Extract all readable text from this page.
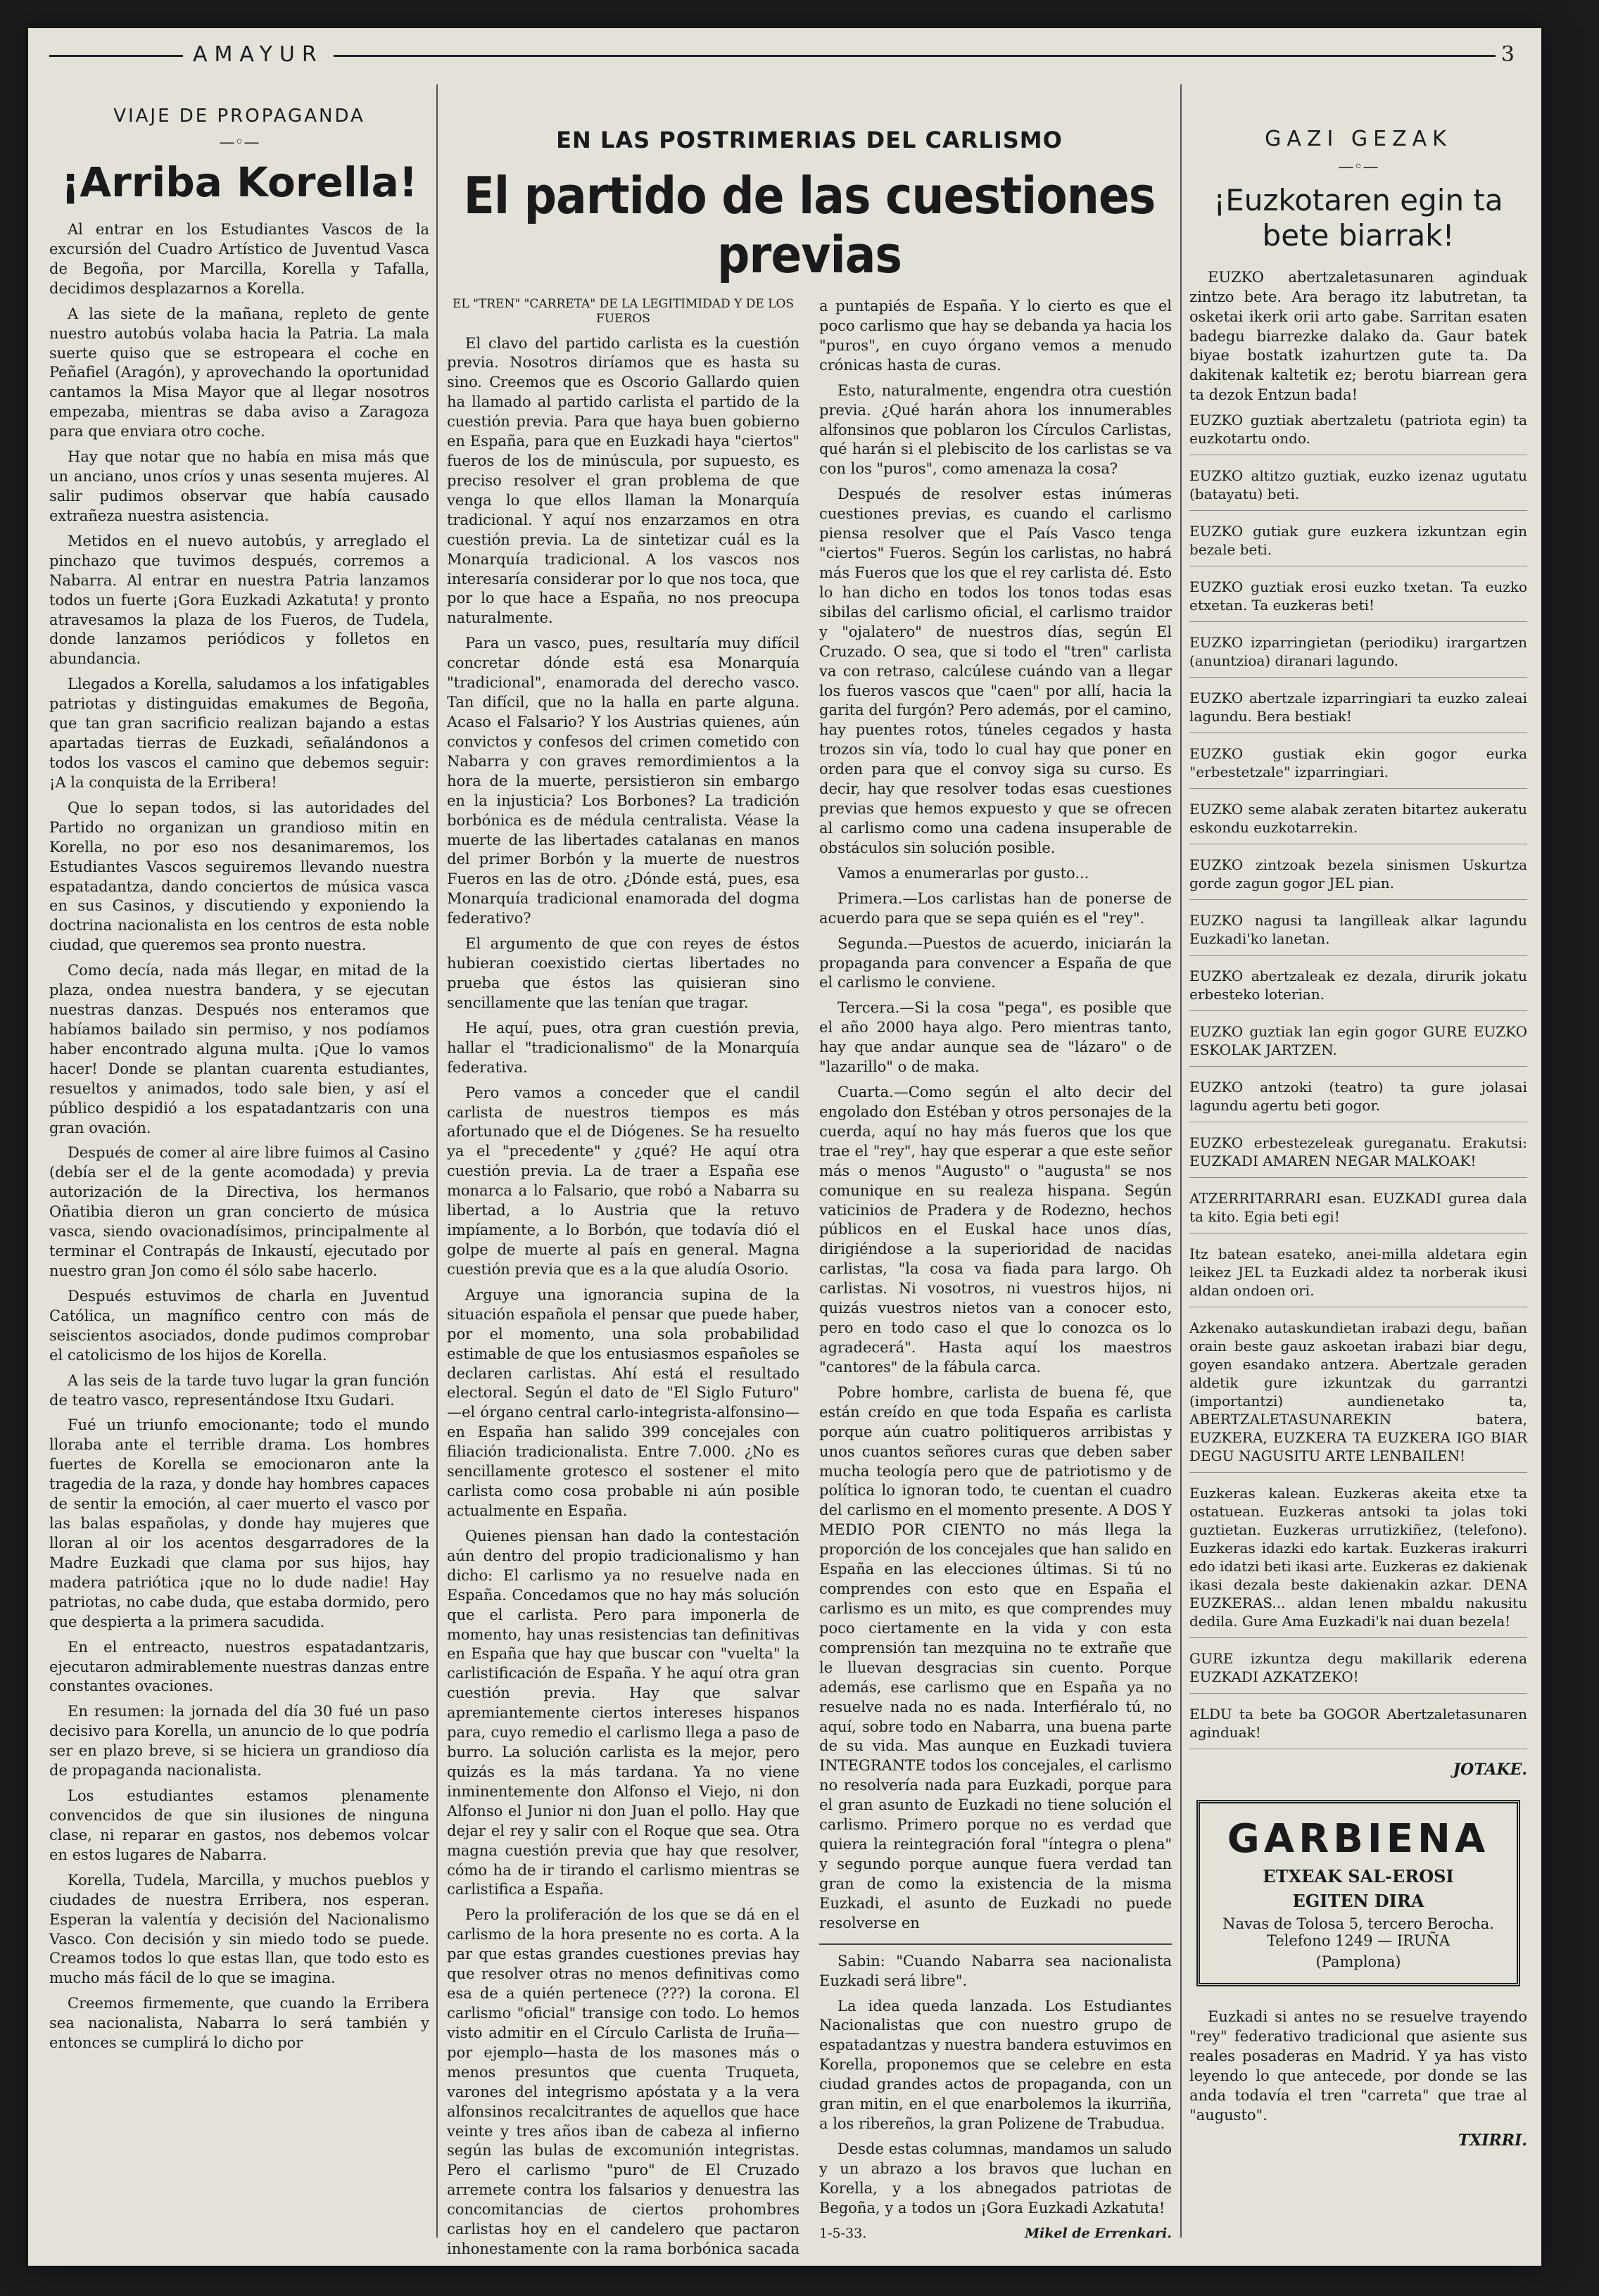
AMAYUR	3
VIAJE DE PROPAGANDA
—◦—
¡Arriba Korella!

Al entrar en los Estudiantes Vascos de la excursión del Cuadro Artístico de Juventud Vasca de Begoña, por Marcilla, Korella y Tafalla, decidimos desplazarnos a Korella.

A las siete de la mañana, repleto de gente nuestro autobús volaba hacia la Patria. La mala suerte quiso que se estropeara el coche en Peñafiel (Aragón), y aprovechando la oportunidad cantamos la Misa Mayor que al llegar nosotros empezaba, mientras se daba aviso a Zaragoza para que enviara otro coche.

Hay que notar que no había en misa más que un anciano, unos críos y unas sesenta mujeres. Al salir pudimos observar que había causado extrañeza nuestra asistencia.

Metidos en el nuevo autobús, y arreglado el pinchazo que tuvimos después, corremos a Nabarra. Al entrar en nuestra Patria lanzamos todos un fuerte ¡Gora Euzkadi Azkatuta! y pronto atravesamos la plaza de los Fueros, de Tudela, donde lanzamos periódicos y folletos en abundancia.

Llegados a Korella, saludamos a los infatigables patriotas y distinguidas emakumes de Begoña, que tan gran sacrificio realizan bajando a estas apartadas tierras de Euzkadi, señalándonos a todos los vascos el camino que debemos seguir: ¡A la conquista de la Erribera!

Que lo sepan todos, si las autoridades del Partido no organizan un grandioso mitin en Korella, no por eso nos desanimaremos, los Estudiantes Vascos seguiremos llevando nuestra espatadantza, dando conciertos de música vasca en sus Casinos, y discutiendo y exponiendo la doctrina nacionalista en los centros de esta noble ciudad, que queremos sea pronto nuestra.

Como decía, nada más llegar, en mitad de la plaza, ondea nuestra bandera, y se ejecutan nuestras danzas. Después nos enteramos que habíamos bailado sin permiso, y nos podíamos haber encontrado alguna multa. ¡Que lo vamos hacer! Donde se plantan cuarenta estudiantes, resueltos y animados, todo sale bien, y así el público despidió a los espatadantzaris con una gran ovación.

Después de comer al aire libre fuimos al Casino (debía ser el de la gente acomodada) y previa autorización de la Directiva, los hermanos Oñatibia dieron un gran concierto de música vasca, siendo ovacionadísimos, principalmente al terminar el Contrapás de Inkaustí, ejecutado por nuestro gran Jon como él sólo sabe hacerlo.

Después estuvimos de charla en Juventud Católica, un magnífico centro con más de seiscientos asociados, donde pudimos comprobar el catolicismo de los hijos de Korella.

A las seis de la tarde tuvo lugar la gran función de teatro vasco, representándose Itxu Gudari.

Fué un triunfo emocionante; todo el mundo lloraba ante el terrible drama. Los hombres fuertes de Korella se emocionaron ante la tragedia de la raza, y donde hay hombres capaces de sentir la emoción, al caer muerto el vasco por las balas españolas, y donde hay mujeres que lloran al oir los acentos desgarradores de la Madre Euzkadi que clama por sus hijos, hay madera patriótica ¡que no lo dude nadie! Hay patriotas, no cabe duda, que estaba dormido, pero que despierta a la primera sacudida.

En el entreacto, nuestros espatadantzaris, ejecutaron admirablemente nuestras danzas entre constantes ovaciones.

En resumen: la jornada del día 30 fué un paso decisivo para Korella, un anuncio de lo que podría ser en plazo breve, si se hiciera un grandioso día de propaganda nacionalista.

Los estudiantes estamos plenamente convencidos de que sin ilusiones de ninguna clase, ni reparar en gastos, nos debemos volcar en estos lugares de Nabarra.

Korella, Tudela, Marcilla, y muchos pueblos y ciudades de nuestra Erribera, nos esperan. Esperan la valentía y decisión del Nacionalismo Vasco. Con decisión y sin miedo todo se puede. Creamos todos lo que estas llan, que todo esto es mucho más fácil de lo que se imagina.

Creemos firmemente, que cuando la Erribera sea nacionalista, Nabarra lo será también y entonces se cumplirá lo dicho por

EN LAS POSTRIMERIAS DEL CARLISMO
El partido de las cuestiones previas
EL "TREN" "CARRETA" DE LA LEGITIMIDAD Y DE LOS FUEROS

El clavo del partido carlista es la cuestión previa. Nosotros diríamos que es hasta su sino. Creemos que es Oscorio Gallardo quien ha llamado al partido carlista el partido de la cuestión previa. Para que haya buen gobierno en España, para que en Euzkadi haya "ciertos" fueros de los de minúscula, por supuesto, es preciso resolver el gran problema de que venga lo que ellos llaman la Monarquía tradicional. Y aquí nos enzarzamos en otra cuestión previa. La de sintetizar cuál es la Monarquía tradicional. A los vascos nos interesaría considerar por lo que nos toca, que por lo que hace a España, no nos preocupa naturalmente.

Para un vasco, pues, resultaría muy difícil concretar dónde está esa Monarquía "tradicional", enamorada del derecho vasco. Tan difícil, que no la halla en parte alguna. Acaso el Falsario? Y los Austrias quienes, aún convictos y confesos del crimen cometido con Nabarra y con graves remordimientos a la hora de la muerte, persistieron sin embargo en la injusticia? Los Borbones? La tradición borbónica es de médula centralista. Véase la muerte de las libertades catalanas en manos del primer Borbón y la muerte de nuestros Fueros en las de otro. ¿Dónde está, pues, esa Monarquía tradicional enamorada del dogma federativo?

El argumento de que con reyes de éstos hubieran coexistido ciertas libertades no prueba que éstos las quisieran sino sencillamente que las tenían que tragar.

He aquí, pues, otra gran cuestión previa, hallar el "tradicionalismo" de la Monarquía federativa.

Pero vamos a conceder que el candil carlista de nuestros tiempos es más afortunado que el de Diógenes. Se ha resuelto ya el "precedente" y ¿qué? He aquí otra cuestión previa. La de traer a España ese monarca a lo Falsario, que robó a Nabarra su libertad, a lo Austria que la retuvo impíamente, a lo Borbón, que todavía dió el golpe de muerte al país en general. Magna cuestión previa que es a la que aludía Osorio.

Arguye una ignorancia supina de la situación española el pensar que puede haber, por el momento, una sola probabilidad estimable de que los entusiasmos españoles se declaren carlistas. Ahí está el resultado electoral. Según el dato de "El Siglo Futuro" —el órgano central carlo-integrista-alfonsino— en España han salido 399 concejales con filiación tradicionalista. Entre 7.000. ¿No es sencillamente grotesco el sostener el mito carlista como cosa probable ni aún posible actualmente en España.

Quienes piensan han dado la contestación aún dentro del propio tradicionalismo y han dicho: El carlismo ya no resuelve nada en España. Concedamos que no hay más solución que el carlista. Pero para imponerla de momento, hay unas resistencias tan definitivas en España que hay que buscar con "vuelta" la carlistificación de España. Y he aquí otra gran cuestión previa. Hay que salvar apremiantemente ciertos intereses hispanos para, cuyo remedio el carlismo llega a paso de burro. La solución carlista es la mejor, pero quizás es la más tardana. Ya no viene inminentemente don Alfonso el Viejo, ni don Alfonso el Junior ni don Juan el pollo. Hay que dejar el rey y salir con el Roque que sea. Otra magna cuestión previa que hay que resolver, cómo ha de ir tirando el carlismo mientras se carlistifica a España.

Pero la proliferación de los que se dá en el carlismo de la hora presente no es corta. A la par que estas grandes cuestiones previas hay que resolver otras no menos definitivas como esa de a quién pertenece (???) la corona. El carlismo "oficial" transige con todo. Lo hemos visto admitir en el Círculo Carlista de Iruña—por ejemplo—hasta de los masones más o menos presuntos que cuenta Truqueta, varones del integrismo apóstata y a la vera alfonsinos recalcitrantes de aquellos que hace veinte y tres años iban de cabeza al infierno según las bulas de excomunión integristas. Pero el carlismo "puro" de El Cruzado arremete contra los falsarios y denuestra las concomitancias de ciertos prohombres carlistas hoy en el candelero que pactaron inhonestamente con la rama borbónica sacada a puntapiés de España. Y lo cierto es que el poco carlismo que hay se debanda ya hacia los "puros", en cuyo órgano vemos a menudo crónicas hasta de curas.

Esto, naturalmente, engendra otra cuestión previa. ¿Qué harán ahora los innumerables alfonsinos que poblaron los Círculos Carlistas, qué harán si el plebiscito de los carlistas se va con los "puros", como amenaza la cosa?

Después de resolver estas inúmeras cuestiones previas, es cuando el carlismo piensa resolver que el País Vasco tenga "ciertos" Fueros. Según los carlistas, no habrá más Fueros que los que el rey carlista dé. Esto lo han dicho en todos los tonos todas esas sibilas del carlismo oficial, el carlismo traidor y "ojalatero" de nuestros días, según El Cruzado. O sea, que si todo el "tren" carlista va con retraso, calcúlese cuándo van a llegar los fueros vascos que "caen" por allí, hacia la garita del furgón? Pero además, por el camino, hay puentes rotos, túneles cegados y hasta trozos sin vía, todo lo cual hay que poner en orden para que el convoy siga su curso. Es decir, hay que resolver todas esas cuestiones previas que hemos expuesto y que se ofrecen al carlismo como una cadena insuperable de obstáculos sin solución posible.

Vamos a enumerarlas por gusto...

Primera.—Los carlistas han de ponerse de acuerdo para que se sepa quién es el "rey".

Segunda.—Puestos de acuerdo, iniciarán la propaganda para convencer a España de que el carlismo le conviene.

Tercera.—Si la cosa "pega", es posible que el año 2000 haya algo. Pero mientras tanto, hay que andar aunque sea de "lázaro" o de "lazarillo" o de maka.

Cuarta.—Como según el alto decir del engolado don Estéban y otros personajes de la cuerda, aquí no hay más fueros que los que trae el "rey", hay que esperar a que este señor más o menos "Augusto" o "augusta" se nos comunique en su realeza hispana. Según vaticinios de Pradera y de Rodezno, hechos públicos en el Euskal hace unos días, dirigiéndose a la superioridad de nacidas carlistas, "la cosa va fiada para largo. Oh carlistas. Ni vosotros, ni vuestros hijos, ni quizás vuestros nietos van a conocer esto, pero en todo caso el que lo conozca os lo agradecerá". Hasta aquí los maestros "cantores" de la fábula carca.

Pobre hombre, carlista de buena fé, que están creído en que toda España es carlista porque aún cuatro politiqueros arribistas y unos cuantos señores curas que deben saber mucha teología pero que de patriotismo y de política lo ignoran todo, te cuentan el cuadro del carlismo en el momento presente. A DOS Y MEDIO POR CIENTO no más llega la proporción de los concejales que han salido en España en las elecciones últimas. Si tú no comprendes con esto que en España el carlismo es un mito, es que comprendes muy poco ciertamente en la vida y con esta comprensión tan mezquina no te extrañe que le lluevan desgracias sin cuento. Porque además, ese carlismo que en España ya no resuelve nada no es nada. Interfiéralo tú, no aquí, sobre todo en Nabarra, una buena parte de su vida. Mas aunque en Euzkadi tuviera INTEGRANTE todos los concejales, el carlismo no resolvería nada para Euzkadi, porque para el gran asunto de Euzkadi no tiene solución el carlismo. Primero porque no es verdad que quiera la reintegración foral "íntegra o plena" y segundo porque aunque fuera verdad tan gran de como la existencia de la misma Euzkadi, el asunto de Euzkadi no puede resolverse en

Sabin: "Cuando Nabarra sea nacionalista Euzkadi será libre".

La idea queda lanzada. Los Estudiantes Nacionalistas que con nuestro grupo de espatadantzas y nuestra bandera estuvimos en Korella, proponemos que se celebre en esta ciudad grandes actos de propaganda, con un gran mitin, en el que enarbolemos la ikurriña, a los ribereños, la gran Polizene de Trabudua.

Desde estas columnas, mandamos un saludo y un abrazo a los bravos que luchan en Korella, y a los abnegados patriotas de Begoña, y a todos un ¡Gora Euzkadi Azkatuta!

1-5-33.	Mikel de Errenkari.
GAZI GEZAK
—◦—
¡Euzkotaren egin ta bete biarrak!

EUZKO abertzaletasunaren aginduak zintzo bete. Ara berago itz labutretan, ta osketai ikerk orii arto gabe. Sarritan esaten badegu biarrezke dalako da. Gaur batek biyae bostatk izahurtzen gute ta. Da dakitenak kaltetik ez; berotu biarrean gera ta dezok Entzun bada!

EUZKO guztiak abertzaletu (patriota egin) ta euzkotartu ondo.

EUZKO altitzo guztiak, euzko izenaz ugutatu (batayatu) beti.

EUZKO gutiak gure euzkera izkuntzan egin bezale beti.

EUZKO guztiak erosi euzko txetan. Ta euzko etxetan. Ta euzkeras beti!

EUZKO izparringietan (periodiku) irargartzen (anuntzioa) diranari lagundo.

EUZKO abertzale izparringiari ta euzko zaleai lagundu. Bera bestiak!

EUZKO gustiak ekin gogor eurka "erbestetzale" izparringiari.

EUZKO seme alabak zeraten bitartez aukeratu eskondu euzkotarrekin.

EUZKO zintzoak bezela sinismen Uskurtza gorde zagun gogor JEL pian.

EUZKO nagusi ta langilleak alkar lagundu Euzkadi'ko lanetan.

EUZKO abertzaleak ez dezala, dirurik jokatu erbesteko loterian.

EUZKO guztiak lan egin gogor GURE EUZKO ESKOLAK JARTZEN.

EUZKO antzoki (teatro) ta gure jolasai lagundu agertu beti gogor.

EUZKO erbestezeleak gureganatu. Erakutsi: EUZKADI AMAREN NEGAR MALKOAK!

ATZERRITARRARI esan. EUZKADI gurea dala ta kito. Egia beti egi!

Itz batean esateko, anei-milla aldetara egin leikez JEL ta Euzkadi aldez ta norberak ikusi aldan ondoen ori.

Azkenako autaskundietan irabazi degu, bañan orain beste gauz askoetan irabazi biar degu, goyen esandako antzera. Abertzale geraden aldetik gure izkuntzak du garrantzi (importantzi) aundienetako ta, ABERTZALETASUNAREKIN batera, EUZKERA, EUZKERA TA EUZKERA IGO BIAR DEGU NAGUSITU ARTE LENBAILEN!

Euzkeras kalean. Euzkeras akeita etxe ta ostatuean. Euzkeras antsoki ta jolas toki guztietan. Euzkeras urrutizkiñez, (telefono). Euzkeras idazki edo kartak. Euzkeras irakurri edo idatzi beti ikasi arte. Euzkeras ez dakienak ikasi dezala beste dakienakin azkar. DENA EUZKERAS... aldan lenen mbaldu nakusitu dedila. Gure Ama Euzkadi'k nai duan bezela!

GURE izkuntza degu makillarik ederena EUZKADI AZKATZEKO!

ELDU ta bete ba GOGOR Abertzaletasunaren aginduak!

JOTAKE.
GARBIENA
ETXEAK SAL-EROSI
EGITEN DIRA
Navas de Tolosa 5, tercero Berocha. Telefono 1249 — IRUÑA
(Pamplona)

Euzkadi si antes no se resuelve trayendo "rey" federativo tradicional que asiente sus reales posaderas en Madrid. Y ya has visto leyendo lo que antecede, por donde se las anda todavía el tren "carreta" que trae al "augusto".

TXIRRI.
